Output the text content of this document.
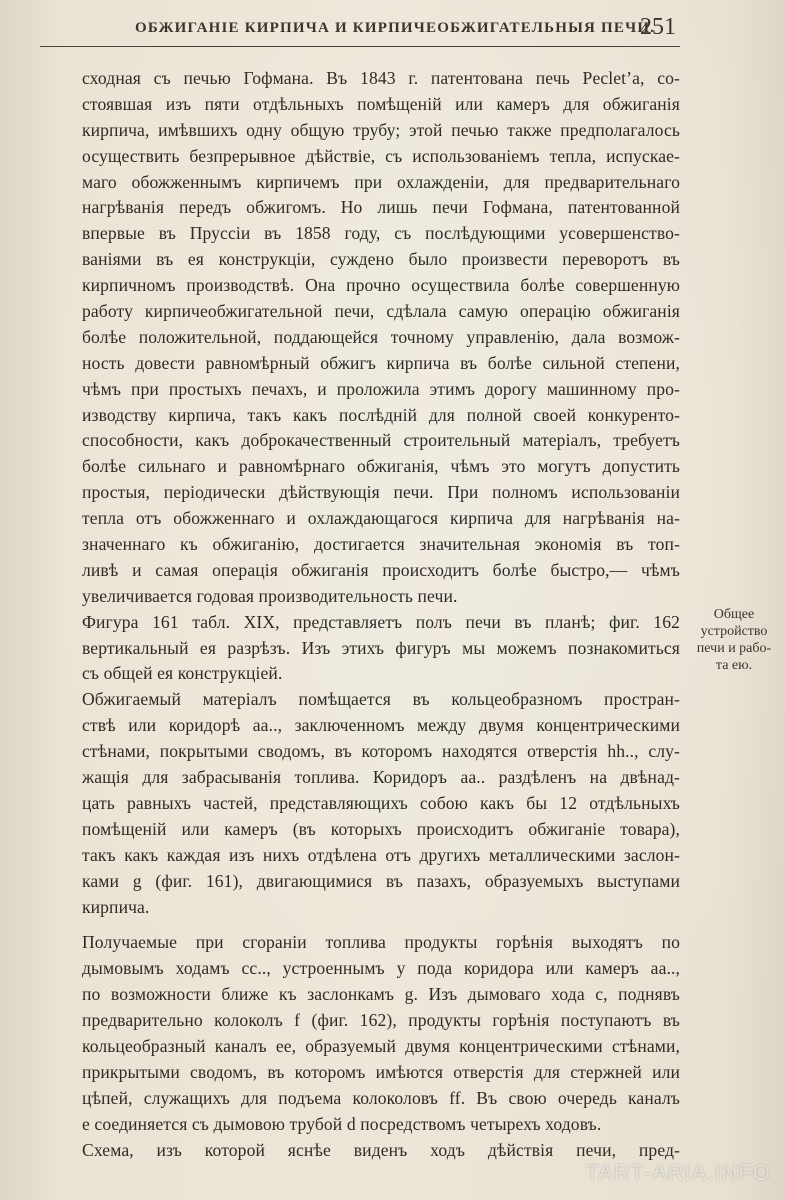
ОБЖИГАНІЕ КИРПИЧА И КИРПИЧЕОБЖИГАТЕЛЬНЫЯ ПЕЧИ.
251
сходная съ печью Гофмана. Въ 1843 г. патентована печь Peclet’а, со-
стоявшая изъ пяти отдѣльныхъ помѣщеній или камеръ для обжиганія
кирпича, имѣвшихъ одну общую трубу; этой печью также предполагалось
осуществить безпрерывное дѣйствіе, съ использованіемъ тепла, испускае-
маго обожженнымъ кирпичемъ при охлажденіи, для предварительнаго
нагрѣванія передъ обжигомъ. Но лишь печи Гофмана, патентованной
впервые въ Пруссіи въ 1858 году, съ послѣдующими усовершенство-
ваніями въ ея конструкціи, суждено было произвести переворотъ въ
кирпичномъ производствѣ. Она прочно осуществила болѣе совершенную
работу кирпичеобжигательной печи, сдѣлала самую операцію обжиганія
болѣе положительной, поддающейся точному управленію, дала возмож-
ность довести равномѣрный обжигъ кирпича въ болѣе сильной степени,
чѣмъ при простыхъ печахъ, и проложила этимъ дорогу машинному про-
изводству кирпича, такъ какъ послѣдній для полной своей конкуренто-
способности, какъ доброкачественный строительный матеріалъ, требуетъ
болѣе сильнаго и равномѣрнаго обжиганія, чѣмъ это могутъ допустить
простыя, періодически дѣйствующія печи. При полномъ использованіи
тепла отъ обожженнаго и охлаждающагося кирпича для нагрѣванія на-
значеннаго къ обжиганію, достигается значительная экономія въ топ-
ливѣ и самая операція обжиганія происходитъ болѣе быстро,— чѣмъ
увеличивается годовая производительность печи.
Фигура 161 табл. XIX, представляетъ полъ печи въ планѣ; фиг. 162
вертикальный ея разрѣзъ. Изъ этихъ фигуръ мы можемъ познакомиться
съ общей ея конструкціей.
Обжигаемый матеріалъ помѣщается въ кольцеобразномъ простран-
ствѣ или коридорѣ aa.., заключенномъ между двумя концентрическими
стѣнами, покрытыми сводомъ, въ которомъ находятся отверстія hh.., слу-
жащія для забрасыванія топлива. Коридоръ aa.. раздѣленъ на двѣнад-
цать равныхъ частей, представляющихъ собою какъ бы 12 отдѣльныхъ
помѣщеній или камеръ (въ которыхъ происходитъ обжиганіе товара),
такъ какъ каждая изъ нихъ отдѣлена отъ другихъ металлическими заслон-
ками g (фиг. 161), двигающимися въ пазахъ, образуемыхъ выступами
кирпича.
Получаемые при сгораніи топлива продукты горѣнія выходятъ по
дымовымъ ходамъ cc.., устроеннымъ у пода коридора или камеръ aa..,
по возможности ближе къ заслонкамъ g. Изъ дымоваго хода c, поднявъ
предварительно колоколъ f (фиг. 162), продукты горѣнія поступаютъ въ
кольцеобразный каналъ ee, образуемый двумя концентрическими стѣнами,
прикрытыми сводомъ, въ которомъ имѣются отверстія для стержней или
цѣпей, служащихъ для подъема колоколовъ ff. Въ свою очередь каналъ
e соединяется съ дымовою трубой d посредствомъ четырехъ ходовъ.
Схема, изъ которой яснѣе виденъ ходъ дѣйствія печи, пред-
Общее
устройство
печи и рабо-
та ею.
TART-ARIA.INFO
